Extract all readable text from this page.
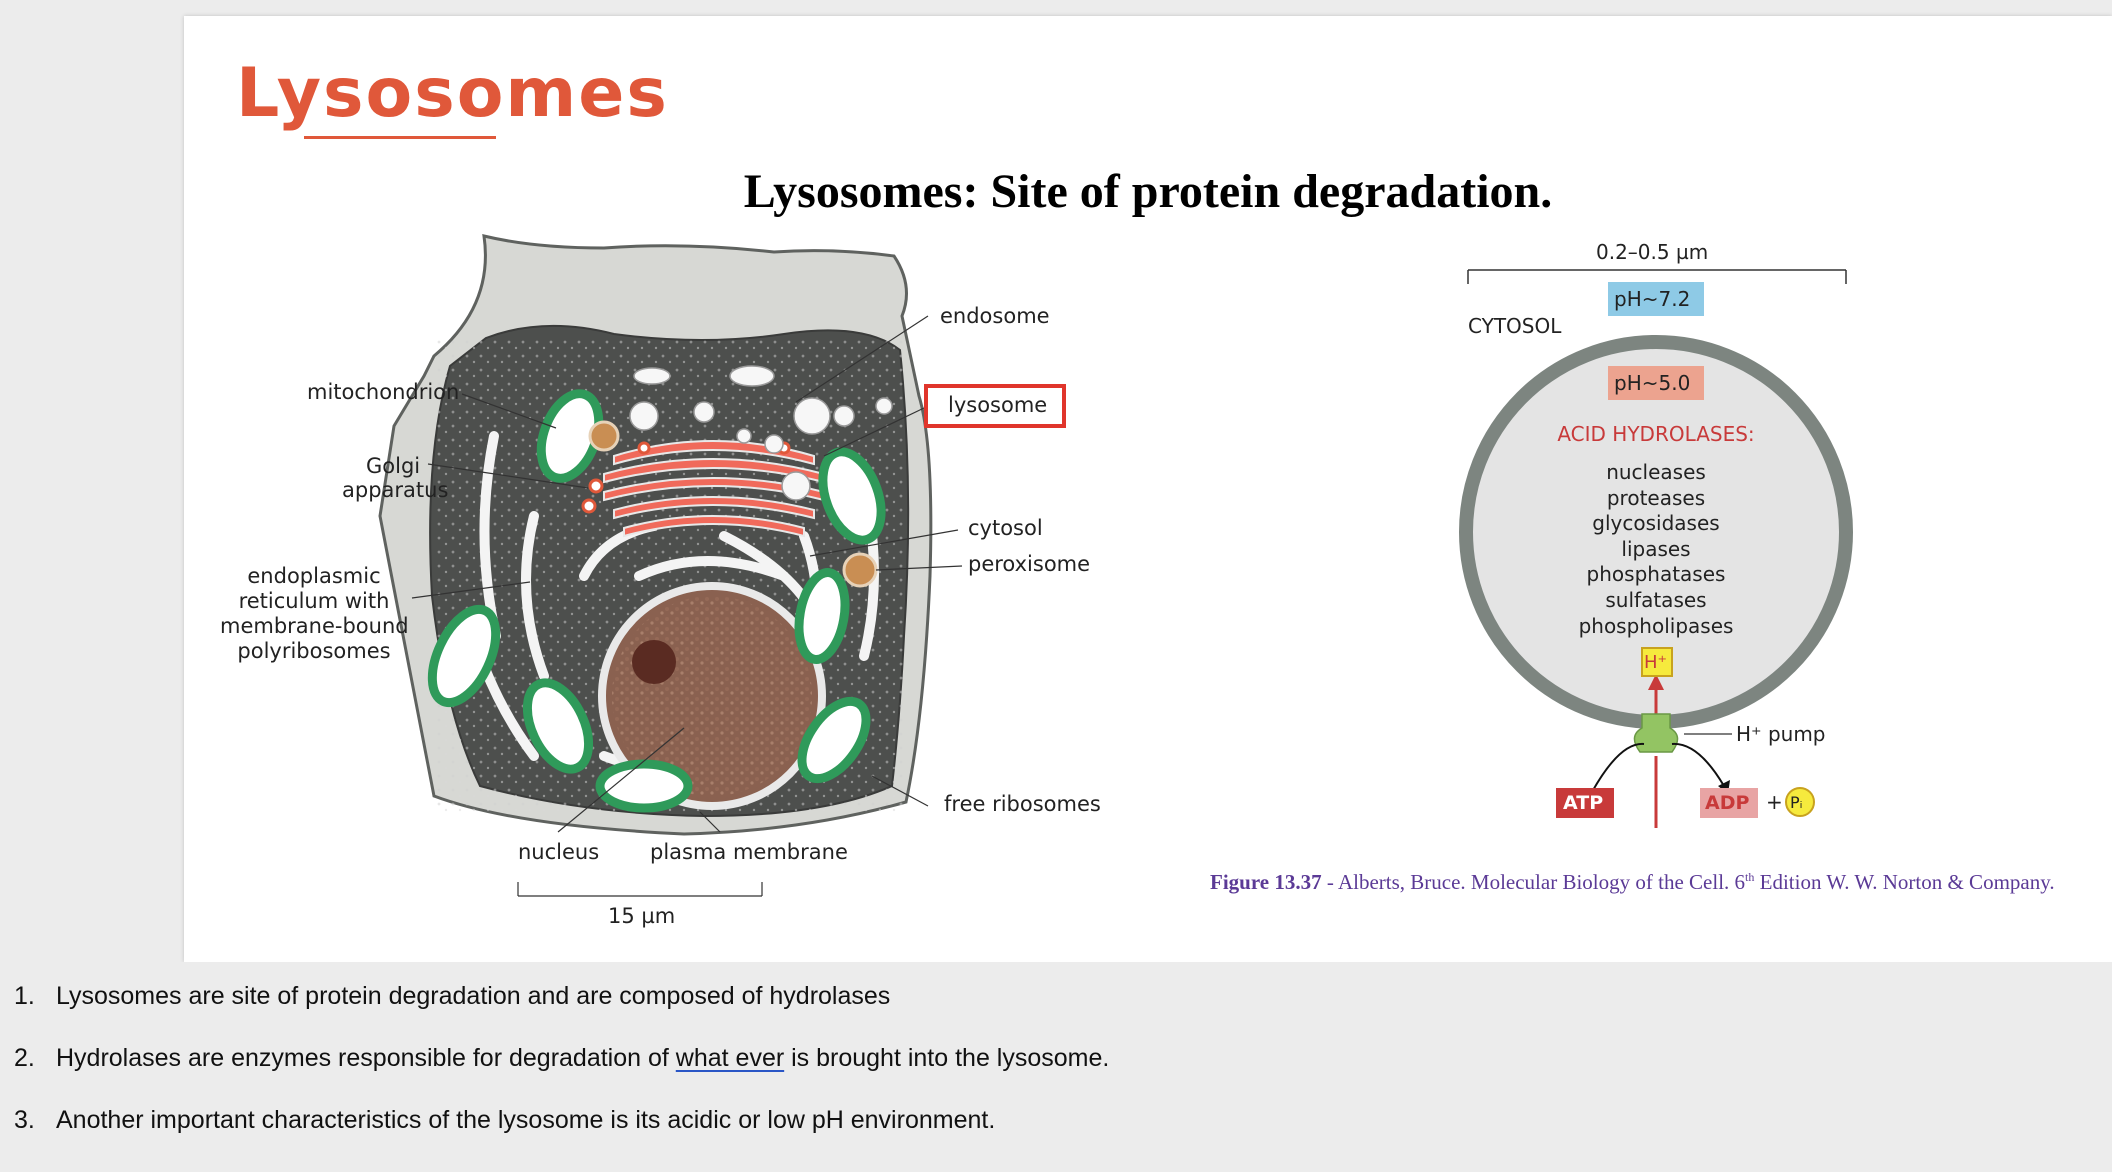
Lysosomes
Lysosomes: Site of protein degradation.
mitochondrion
Golgi
apparatus
endoplasmic
reticulum with
membrane-bound
polyribosomes
endosome
lysosome
cytosol
peroxisome
free ribosomes
nucleus plasma membrane
15 µm
0.2–0.5 µm
pH~7.2
CYTOSOL
pH~5.0
ACID HYDROLASES:
nucleases
proteases
glycosidases
lipases
phosphatases
sulfatases
phospholipases
H⁺
H⁺ pump
ATP	ADP + Pᵢ
Figure 13.37 - Alberts, Bruce. Molecular Biology of the Cell. 6th Edition W. W. Norton & Company.
1. Lysosomes are site of protein degradation and are composed of hydrolases
2. Hydrolases are enzymes responsible for degradation of what ever is brought into the lysosome.
3. Another important characteristics of the lysosome is its acidic or low pH environment.
